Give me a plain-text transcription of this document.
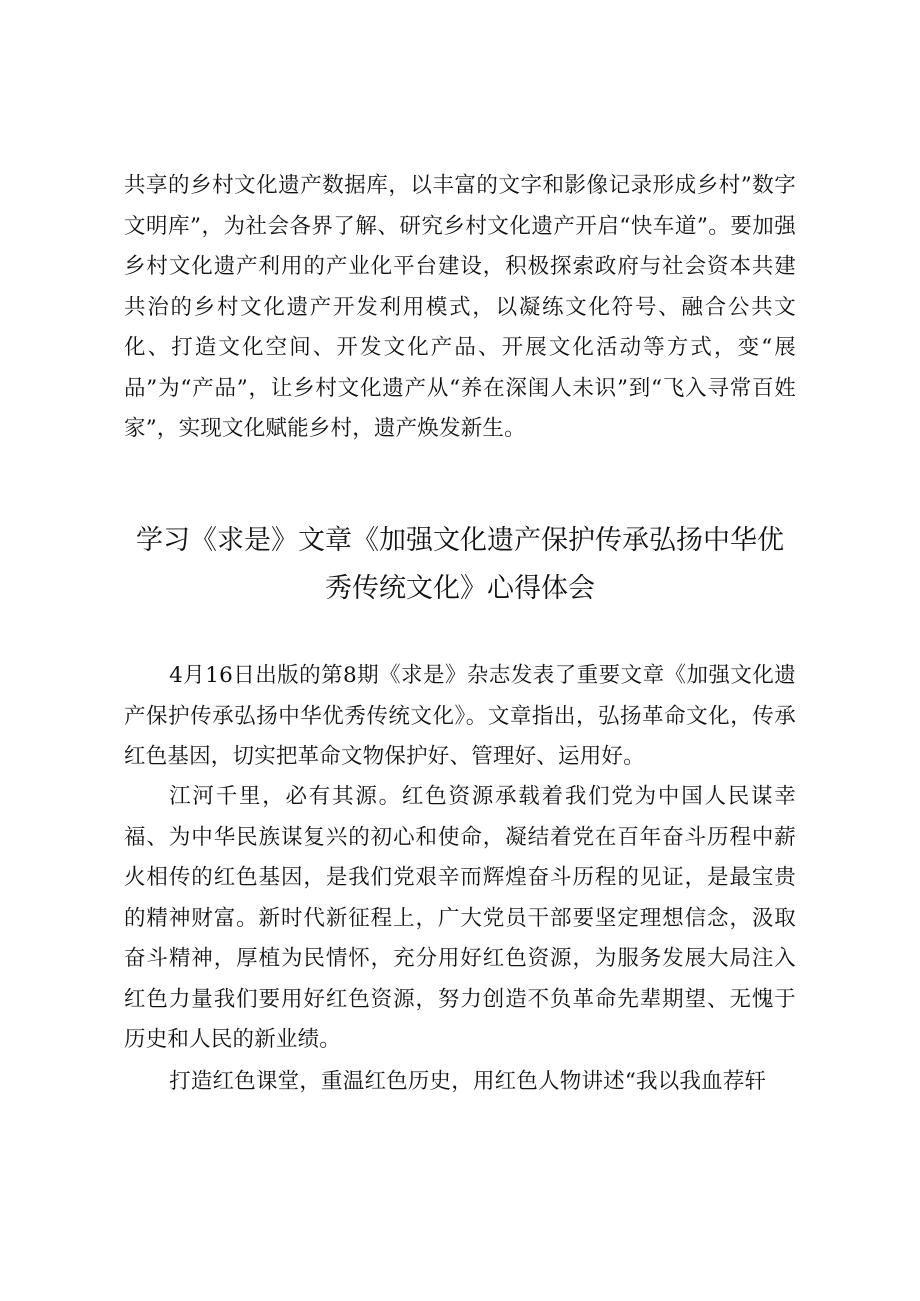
共享的乡村文化遗产数据库，以丰富的文字和影像记录形成乡村”数字文明库”，为社会各界了解、研究乡村文化遗产开启“快车道”。要加强乡村文化遗产利用的产业化平台建设，积极探索政府与社会资本共建共治的乡村文化遗产开发利用模式，以凝练文化符号、融合公共文化、打造文化空间、开发文化产品、开展文化活动等方式，变“展品”为“产品”，让乡村文化遗产从“养在深闺人未识”到“飞入寻常百姓家”，实现文化赋能乡村，遗产焕发新生。

学习《求是》文章《加强文化遗产保护传承弘扬中华优
秀传统文化》心得体会

4月16日出版的第8期《求是》杂志发表了重要文章《加强文化遗产保护传承弘扬中华优秀传统文化》。文章指出，弘扬革命文化，传承红色基因，切实把革命文物保护好、管理好、运用好。

江河千里，必有其源。红色资源承载着我们党为中国人民谋幸福、为中华民族谋复兴的初心和使命，凝结着党在百年奋斗历程中薪火相传的红色基因，是我们党艰辛而辉煌奋斗历程的见证，是最宝贵的精神财富。新时代新征程上，广大党员干部要坚定理想信念，汲取奋斗精神，厚植为民情怀，充分用好红色资源，为服务发展大局注入红色力量我们要用好红色资源，努力创造不负革命先辈期望、无愧于历史和人民的新业绩。

打造红色课堂，重温红色历史，用红色人物讲述“我以我血荐轩
